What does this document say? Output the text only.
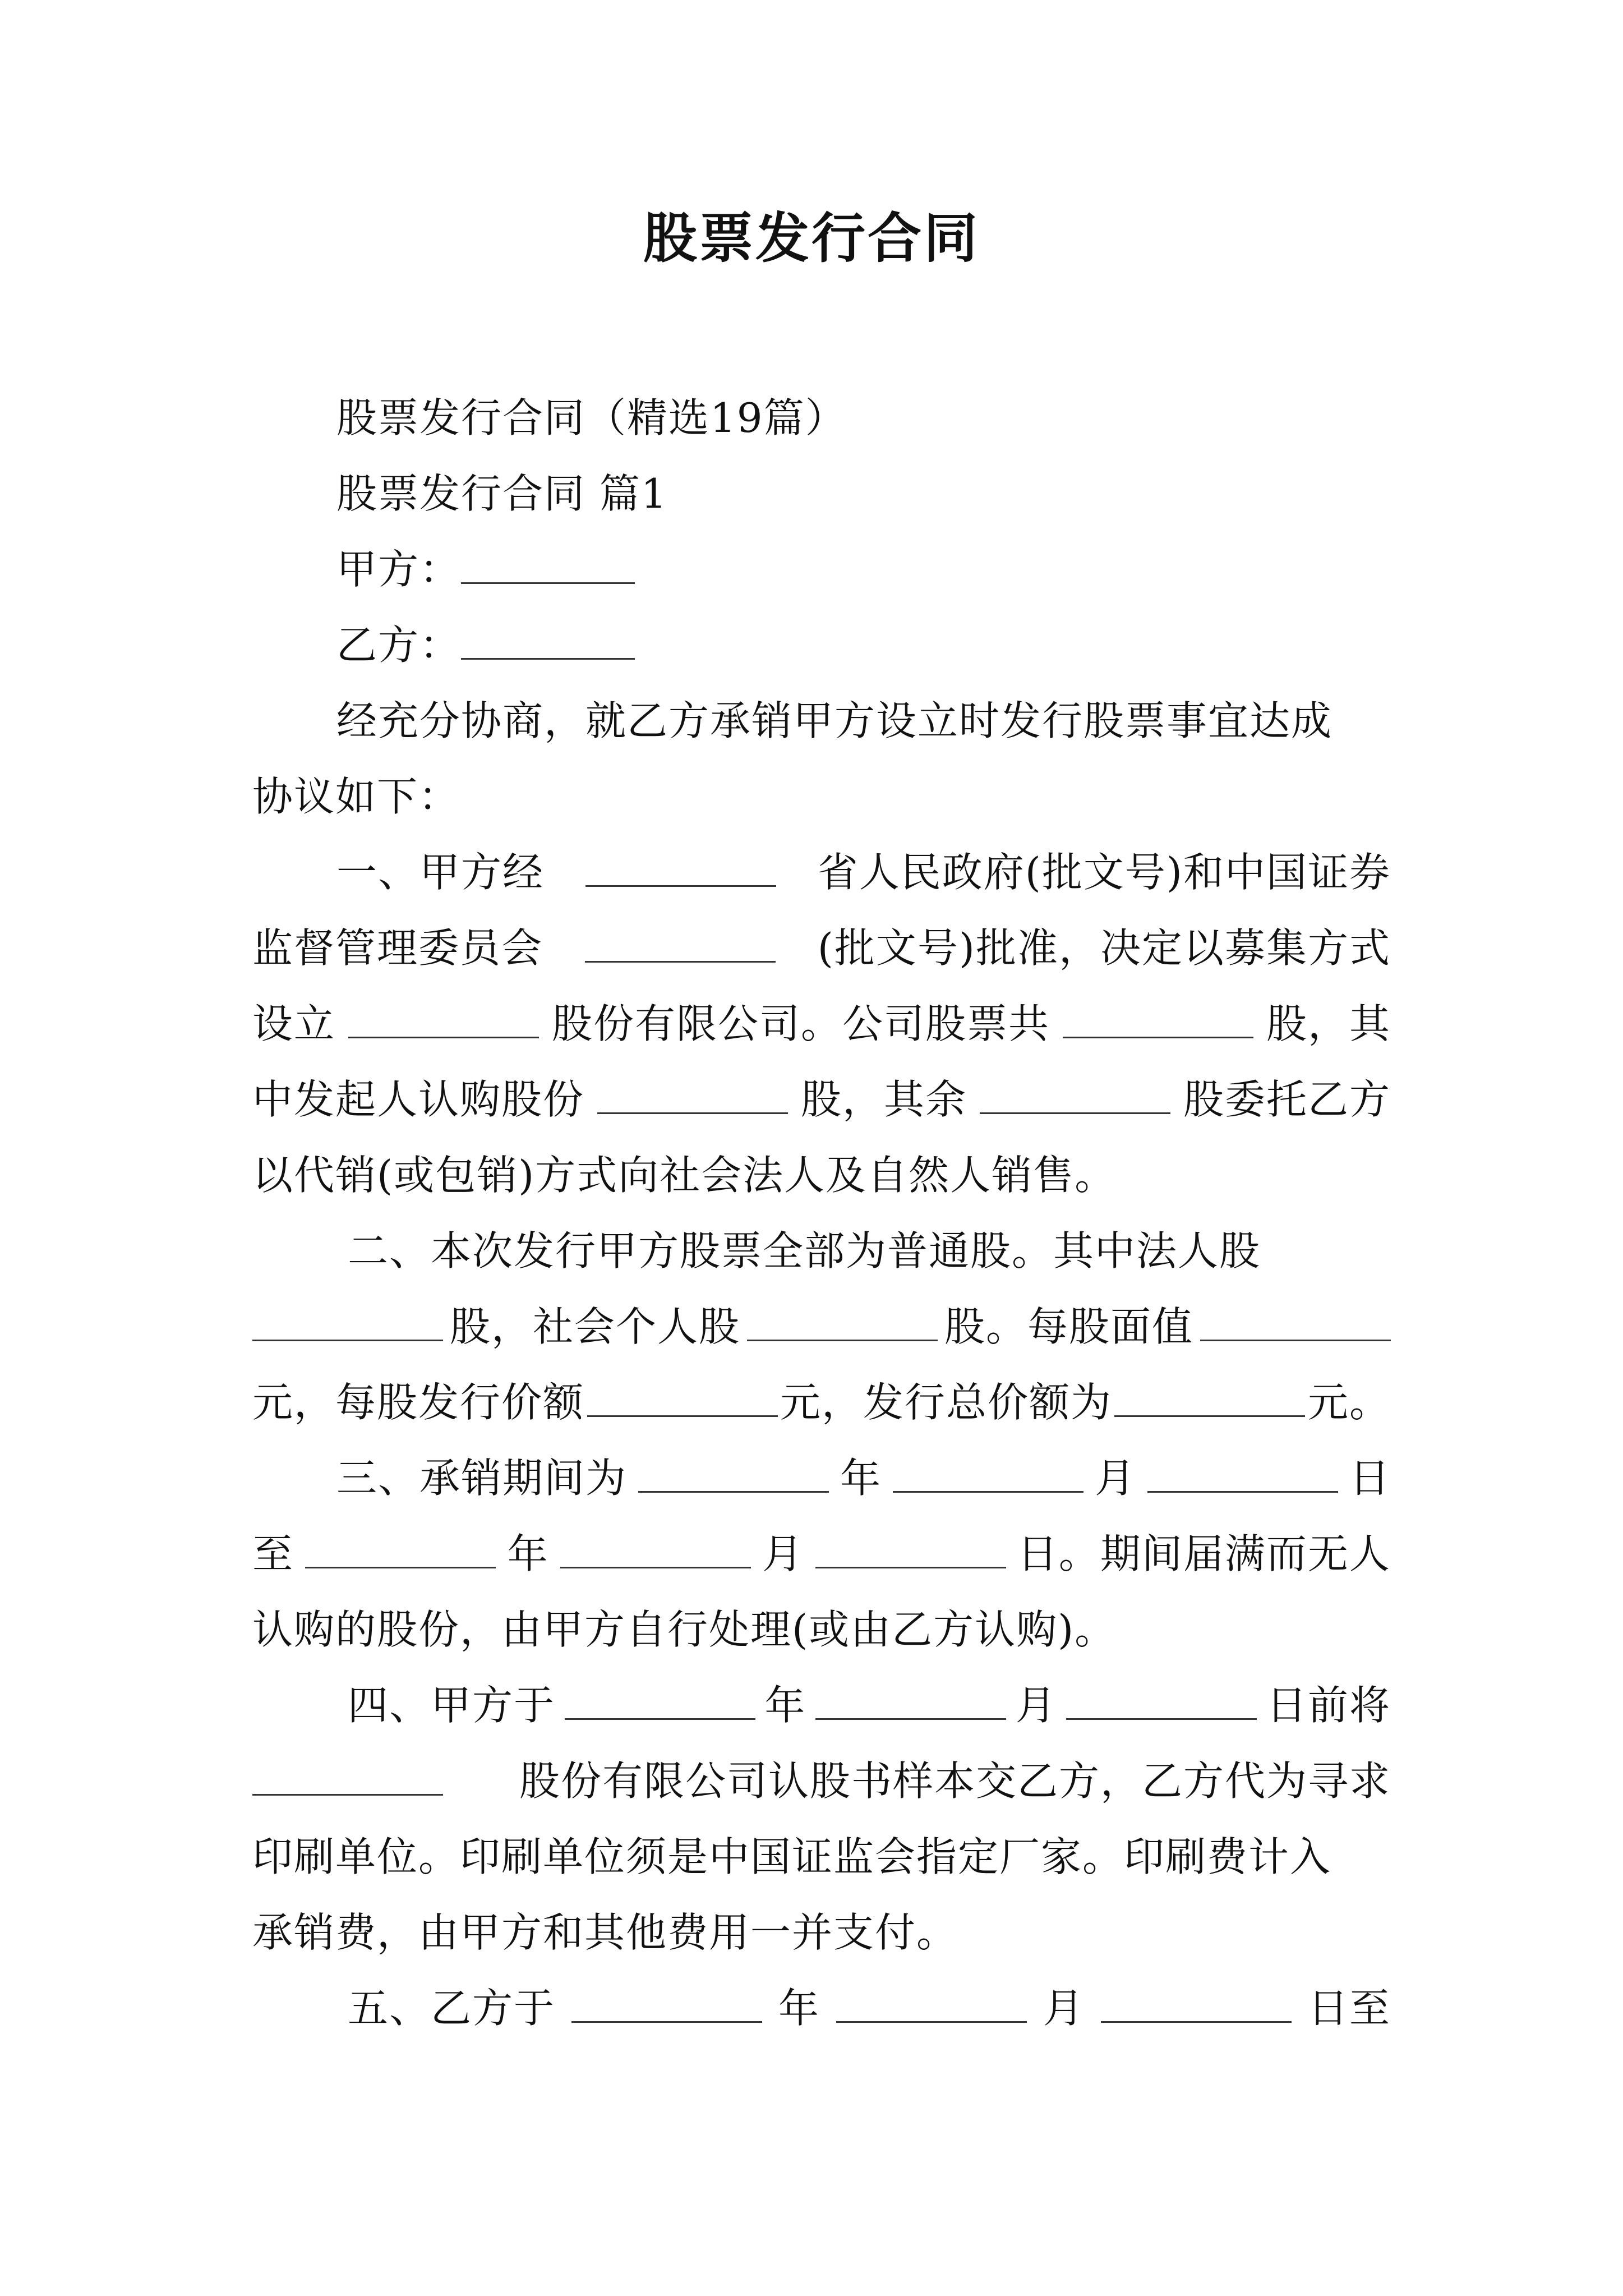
股票发行合同
股票发行合同（精选19篇）
股票发行合同 篇1
甲方：
乙方：
经充分协商，就乙方承销甲方设立时发行股票事宜达成
协议如下：
一、甲方经	省人民政府(批文号)和中国证券
监督管理委员会	(批文号)批准，决定以募集方式
设立	股份有限公司。公司股票共	股，其
中发起人认购股份	股，其余	股委托乙方
以代销(或包销)方式向社会法人及自然人销售。
二、本次发行甲方股票全部为普通股。其中法人股
股，社会个人股	股。每股面值
元，每股发行价额	元，发行总价额为	元。
三、承销期间为	年	月	日
至	年	月	日。期间届满而无人
认购的股份，由甲方自行处理(或由乙方认购)。
四、甲方于	年	月	日前将
股份有限公司认股书样本交乙方，乙方代为寻求
印刷单位。印刷单位须是中国证监会指定厂家。印刷费计入
承销费，由甲方和其他费用一并支付。
五、乙方于	年	月	日至
